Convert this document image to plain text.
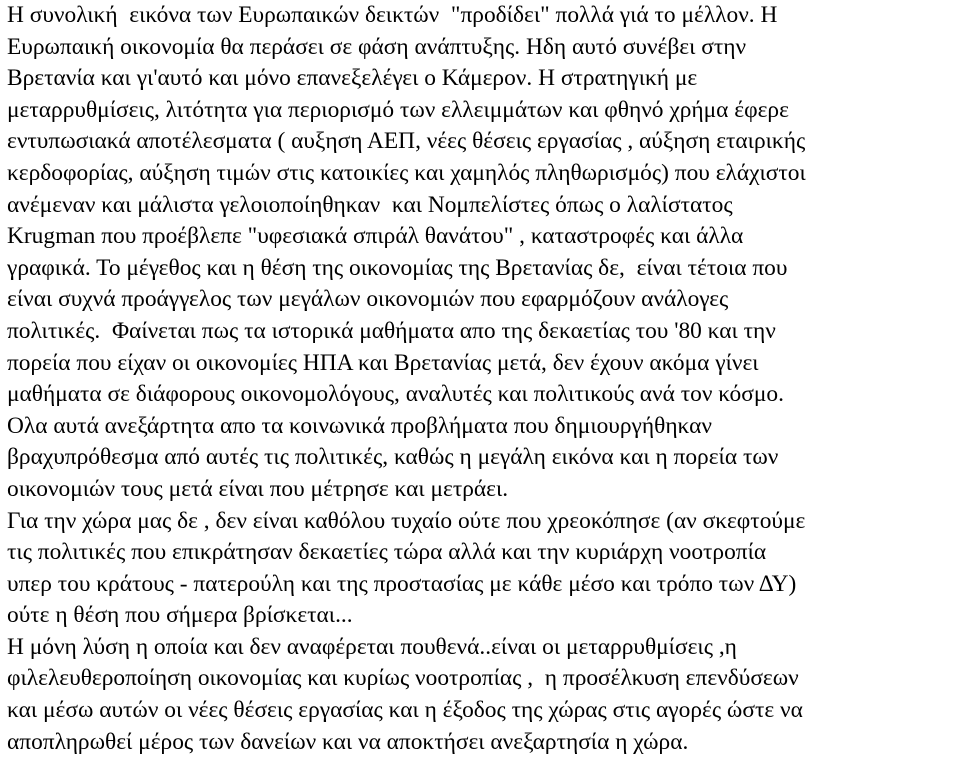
Η συνολική  εικόνα των Ευρωπαικών δεικτών  "προδίδει" πολλά γιά το μέλλον. Η
Ευρωπαική οικονομία θα περάσει σε φάση ανάπτυξης. Ηδη αυτό συνέβει στην
Βρετανία και γι'αυτό και μόνο επανεξελέγει ο Κάμερον. Η στρατηγική με
μεταρρυθμίσεις, λιτότητα για περιορισμό των ελλειμμάτων και φθηνό χρήμα έφερε
εντυπωσιακά αποτέλεσματα ( αυξηση ΑΕΠ, νέες θέσεις εργασίας , αύξηση εταιρικής
κερδοφορίας, αύξηση τιμών στις κατοικίες και χαμηλός πληθωρισμός) που ελάχιστοι
ανέμεναν και μάλιστα γελοιοποίηθηκαν  και Νομπελίστες όπως ο λαλίστατος
Krugman που προέβλεπε "υφεσιακά σπιράλ θανάτου" , καταστροφές και άλλα
γραφικά. Το μέγεθος και η θέση της οικονομίας της Βρετανίας δε,  είναι τέτοια που
είναι συχνά πρoάγγελος των μεγάλων οικονομιών που εφαρμόζουν ανάλογες
πολιτικές.  Φαίνεται πως τα ιστορικά μαθήματα απο της δεκαετίας του '80 και την
πορεία που είχαν οι οικονομίες ΗΠΑ και Βρετανίας μετά, δεν έχουν ακόμα γίνει
μαθήματα σε διάφορους οικονομολόγους, αναλυτές και πολιτικούς ανά τον κόσμο.
Ολα αυτά ανεξάρτητα απο τα κοινωνικά προβλήματα που δημιουργήθηκαν
βραχυπρόθεσμα από αυτές τις πολιτικές, καθώς η μεγάλη εικόνα και η πορεία των
οικονομιών τους μετά είναι που μέτρησε και μετράει.
Για την χώρα μας δε , δεν είναι καθόλου τυχαίο ούτε που χρεοκόπησε (αν σκεφτούμε
τις πολιτικές που επικράτησαν δεκαετίες τώρα αλλά και την κυριάρχη νοοτροπία
υπερ του κράτους - πατερούλη και της προστασίας με κάθε μέσο και τρόπο των ΔΥ)
ούτε η θέση που σήμερα βρίσκεται...
Η μόνη λύση η οποία και δεν αναφέρεται πουθενά..είναι οι μεταρρυθμίσεις ,η
φιλελευθεροποίηση οικονομίας και κυρίως νοοτροπίας ,  η προσέλκυση επενδύσεων
και μέσω αυτών οι νέες θέσεις εργασίας και η έξοδος της χώρας στις αγορές ώστε να
αποπληρωθεί μέρος των δανείων και να αποκτήσει ανεξαρτησία η χώρα.
